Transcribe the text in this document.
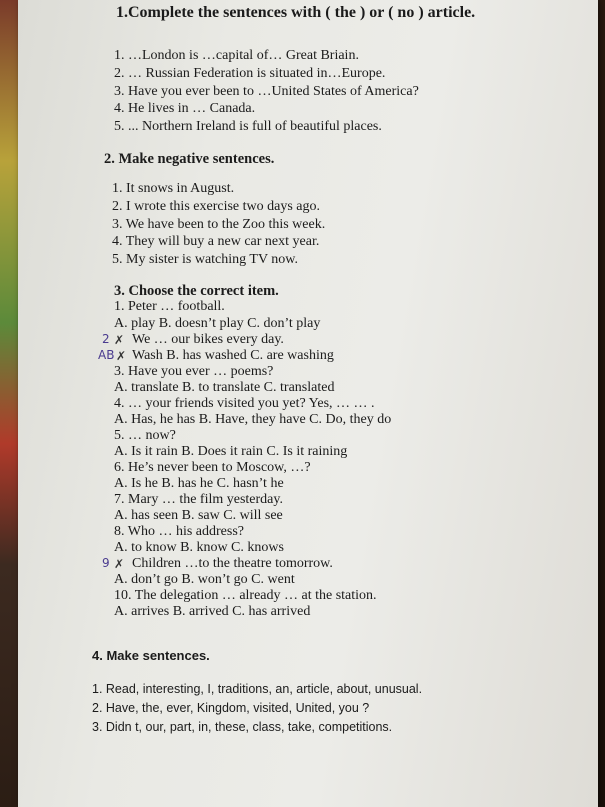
1.Complete the sentences with ( the ) or ( no ) article.
1. …London is …capital of… Great Briain.
2. … Russian Federation is situated in…Europe.
3. Have you ever been to …United States of America?
4. He lives in … Canada.
5. ... Northern Ireland is full of beautiful places.
2. Make negative sentences.
1. It snows in August.
2. I wrote this exercise two days ago.
3. We have been to the Zoo this week.
4. They will buy a new car next year.
5. My sister is watching TV now.
3. Choose the correct item.
1. Peter … football.
A. play B. doesn’t play C. don’t play
2 ✗ We … our bikes every day.
AB ✗ Wash B. has washed C. are washing
3. Have you ever … poems?
A. translate B. to translate C. translated
4. … your friends visited you yet? Yes, … … .
A. Has, he has B. Have, they have C. Do, they do
5. … now?
A. Is it rain B. Does it rain C. Is it raining
6. He’s never been to Moscow, …?
A. Is he B. has he C. hasn’t he
7. Mary … the film yesterday.
A. has seen B. saw C. will see
8. Who … his address?
A. to know B. know C. knows
9 ✗ Children …to the theatre tomorrow.
A. don’t go B. won’t go C. went
10. The delegation … already … at the station.
A. arrives B. arrived C. has arrived
4. Make sentences.
1. Read, interesting, I, traditions, an, article, about, unusual.
2. Have, the, ever, Kingdom, visited, United, you ?
3. Didn t, our, part, in, these, class, take, competitions.
